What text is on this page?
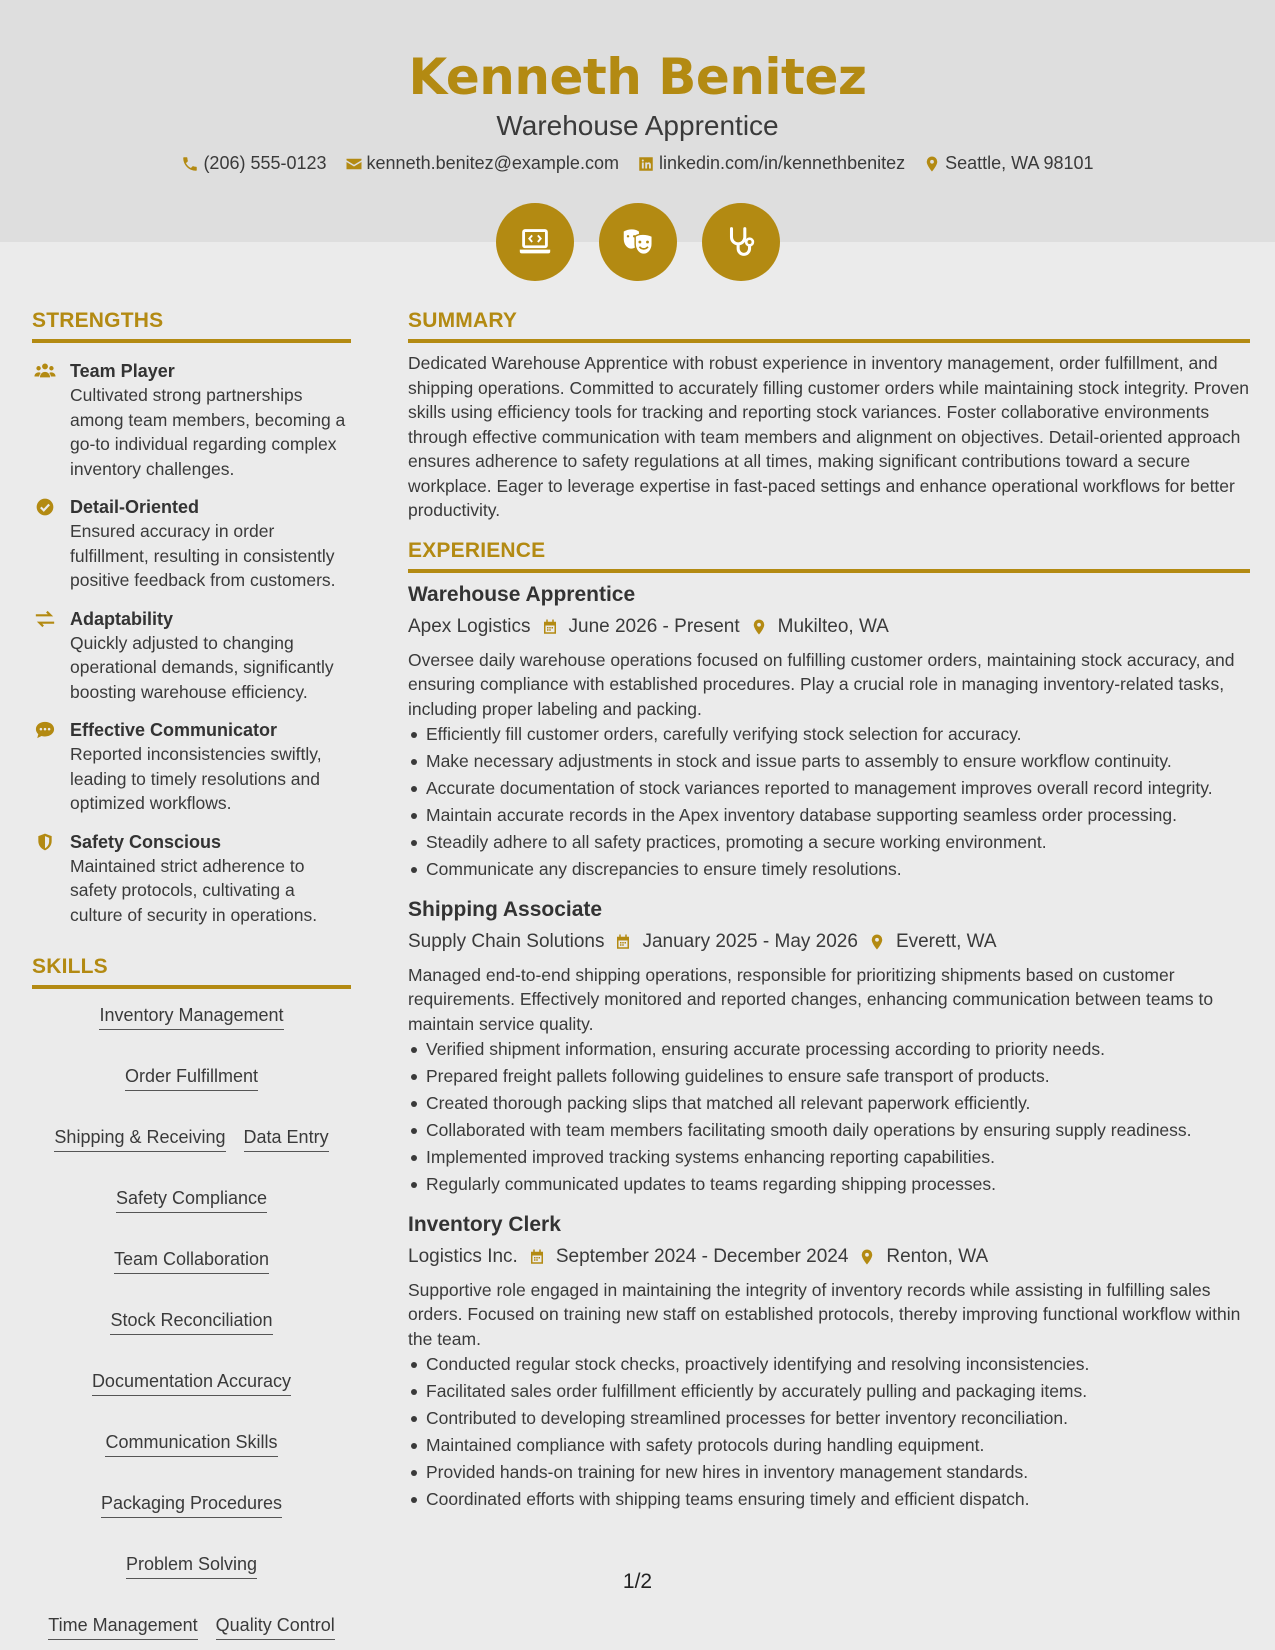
Kenneth Benitez
Warehouse Apprentice
(206) 555-0123 kenneth.benitez@example.com linkedin.com/in/kennethbenitez Seattle, WA 98101
STRENGTHS
Team Player
Cultivated strong partnerships among team members, becoming a go-to individual regarding complex inventory challenges.
Detail-Oriented
Ensured accuracy in order fulfillment, resulting in consistently positive feedback from customers.
Adaptability
Quickly adjusted to changing operational demands, significantly boosting warehouse efficiency.
Effective Communicator
Reported inconsistencies swiftly, leading to timely resolutions and optimized workflows.
Safety Conscious
Maintained strict adherence to safety protocols, cultivating a culture of security in operations.
SKILLS
Inventory Management
Order Fulfillment
Shipping & Receiving Data Entry
Safety Compliance
Team Collaboration
Stock Reconciliation
Documentation Accuracy
Communication Skills
Packaging Procedures
Problem Solving
Time Management Quality Control
SUMMARY
Dedicated Warehouse Apprentice with robust experience in inventory management, order fulfillment, and shipping operations. Committed to accurately filling customer orders while maintaining stock integrity. Proven skills using efficiency tools for tracking and reporting stock variances. Foster collaborative environments through effective communication with team members and alignment on objectives. Detail-oriented approach ensures adherence to safety regulations at all times, making significant contributions toward a secure workplace. Eager to leverage expertise in fast-paced settings and enhance operational workflows for better productivity.
EXPERIENCE
Warehouse Apprentice
Apex Logistics June 2026 - Present Mukilteo, WA
Oversee daily warehouse operations focused on fulfilling customer orders, maintaining stock accuracy, and ensuring compliance with established procedures. Play a crucial role in managing inventory-related tasks, including proper labeling and packing.
Efficiently fill customer orders, carefully verifying stock selection for accuracy.
Make necessary adjustments in stock and issue parts to assembly to ensure workflow continuity.
Accurate documentation of stock variances reported to management improves overall record integrity.
Maintain accurate records in the Apex inventory database supporting seamless order processing.
Steadily adhere to all safety practices, promoting a secure working environment.
Communicate any discrepancies to ensure timely resolutions.
Shipping Associate
Supply Chain Solutions January 2025 - May 2026 Everett, WA
Managed end-to-end shipping operations, responsible for prioritizing shipments based on customer requirements. Effectively monitored and reported changes, enhancing communication between teams to maintain service quality.
Verified shipment information, ensuring accurate processing according to priority needs.
Prepared freight pallets following guidelines to ensure safe transport of products.
Created thorough packing slips that matched all relevant paperwork efficiently.
Collaborated with team members facilitating smooth daily operations by ensuring supply readiness.
Implemented improved tracking systems enhancing reporting capabilities.
Regularly communicated updates to teams regarding shipping processes.
Inventory Clerk
Logistics Inc. September 2024 - December 2024 Renton, WA
Supportive role engaged in maintaining the integrity of inventory records while assisting in fulfilling sales orders. Focused on training new staff on established protocols, thereby improving functional workflow within the team.
Conducted regular stock checks, proactively identifying and resolving inconsistencies.
Facilitated sales order fulfillment efficiently by accurately pulling and packaging items.
Contributed to developing streamlined processes for better inventory reconciliation.
Maintained compliance with safety protocols during handling equipment.
Provided hands-on training for new hires in inventory management standards.
Coordinated efforts with shipping teams ensuring timely and efficient dispatch.
1/2
